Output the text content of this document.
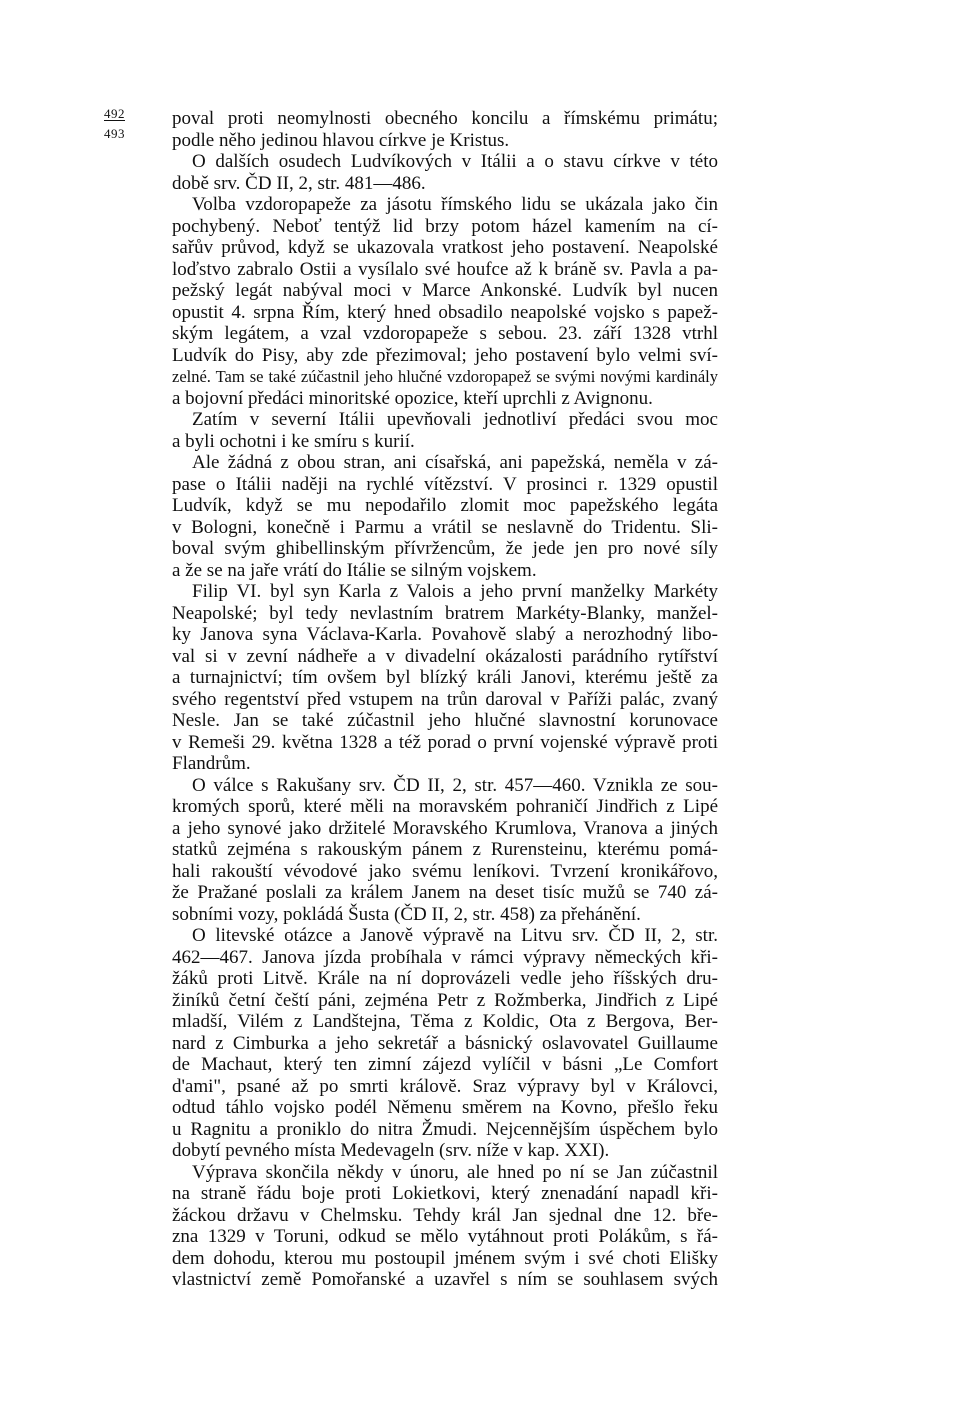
492
493
poval proti neomylnosti obecného koncilu a římskému primátu;
podle něho jedinou hlavou církve je Kristus.
O dalších osudech Ludvíkových v Itálii a o stavu církve v této
době srv. ČD II, 2, str. 481—486.
Volba vzdoropapeže za jásotu římského lidu se ukázala jako čin
pochybený. Neboť tentýž lid brzy potom házel kamením na cí-
sařův průvod, když se ukazovala vratkost jeho postavení. Neapolské
loďstvo zabralo Ostii a vysílalo své houfce až k bráně sv. Pavla a pa-
pežský legát nabýval moci v Marce Ankonské. Ludvík byl nucen
opustit 4. srpna Řím, který hned obsadilo neapolské vojsko s papež-
ským legátem, a vzal vzdoropapeže s sebou. 23. září 1328 vtrhl
Ludvík do Pisy, aby zde přezimoval; jeho postavení bylo velmi sví-
zelné. Tam se také zúčastnil jeho hlučné vzdoropapež se svými novými kardinály
a bojovní předáci minoritské opozice, kteří uprchli z Avignonu.
Zatím v severní Itálii upevňovali jednotliví předáci svou moc
a byli ochotni i ke smíru s kurií.
Ale žádná z obou stran, ani císařská, ani papežská, neměla v zá-
pase o Itálii naději na rychlé vítězství. V prosinci r. 1329 opustil
Ludvík, když se mu nepodařilo zlomit moc papežského legáta
v Bologni, konečně i Parmu a vrátil se neslavně do Tridentu. Sli-
boval svým ghibellinským přívržencům, že jede jen pro nové síly
a že se na jaře vrátí do Itálie se silným vojskem.
Filip VI. byl syn Karla z Valois a jeho první manželky Markéty
Neapolské; byl tedy nevlastním bratrem Markéty-Blanky, manžel-
ky Janova syna Václava-Karla. Povahově slabý a nerozhodný libo-
val si v zevní nádheře a v divadelní okázalosti parádního rytířství
a turnajnictví; tím ovšem byl blízký králi Janovi, kterému ještě za
svého regentství před vstupem na trůn daroval v Paříži palác, zvaný
Nesle. Jan se také zúčastnil jeho hlučné slavnostní korunovace
v Remeši 29. května 1328 a též porad o první vojenské výpravě proti
Flandrům.
O válce s Rakušany srv. ČD II, 2, str. 457—460. Vznikla ze sou-
kromých sporů, které měli na moravském pohraničí Jindřich z Lipé
a jeho synové jako držitelé Moravského Krumlova, Vranova a jiných
statků zejména s rakouským pánem z Rurensteinu, kterému pomá-
hali rakouští vévodové jako svému leníkovi. Tvrzení kronikářovo,
že Pražané poslali za králem Janem na deset tisíc mužů se 740 zá-
sobními vozy, pokládá Šusta (ČD II, 2, str. 458) za přehánění.
O litevské otázce a Janově výpravě na Litvu srv. ČD II, 2, str.
462—467. Janova jízda probíhala v rámci výpravy německých kři-
žáků proti Litvě. Krále na ní doprovázeli vedle jeho říšských dru-
žiníků četní čeští páni, zejména Petr z Rožmberka, Jindřich z Lipé
mladší, Vilém z Landštejna, Těma z Koldic, Ota z Bergova, Ber-
nard z Cimburka a jeho sekretář a básnický oslavovatel Guillaume
de Machaut, který ten zimní zájezd vylíčil v básni „Le Comfort
d'ami", psané až po smrti královĕ. Sraz výpravy byl v Královci,
odtud táhlo vojsko podél Němenu směrem na Kovno, přešlo řeku
u Ragnitu a proniklo do nitra Žmudi. Nejcennějším úspěchem bylo
dobytí pevného místa Medevageln (srv. níže v kap. XXI).
Výprava skončila někdy v únoru, ale hned po ní se Jan zúčastnil
na straně řádu boje proti Lokietkovi, který znenadání napadl kři-
žáckou državu v Chelmsku. Tehdy král Jan sjednal dne 12. bře-
zna 1329 v Toruni, odkud se mělo vytáhnout proti Polákům, s řá-
dem dohodu, kterou mu postoupil jménem svým i své choti Elišky
vlastnictví země Pomořanské a uzavřel s ním se souhlasem svých
